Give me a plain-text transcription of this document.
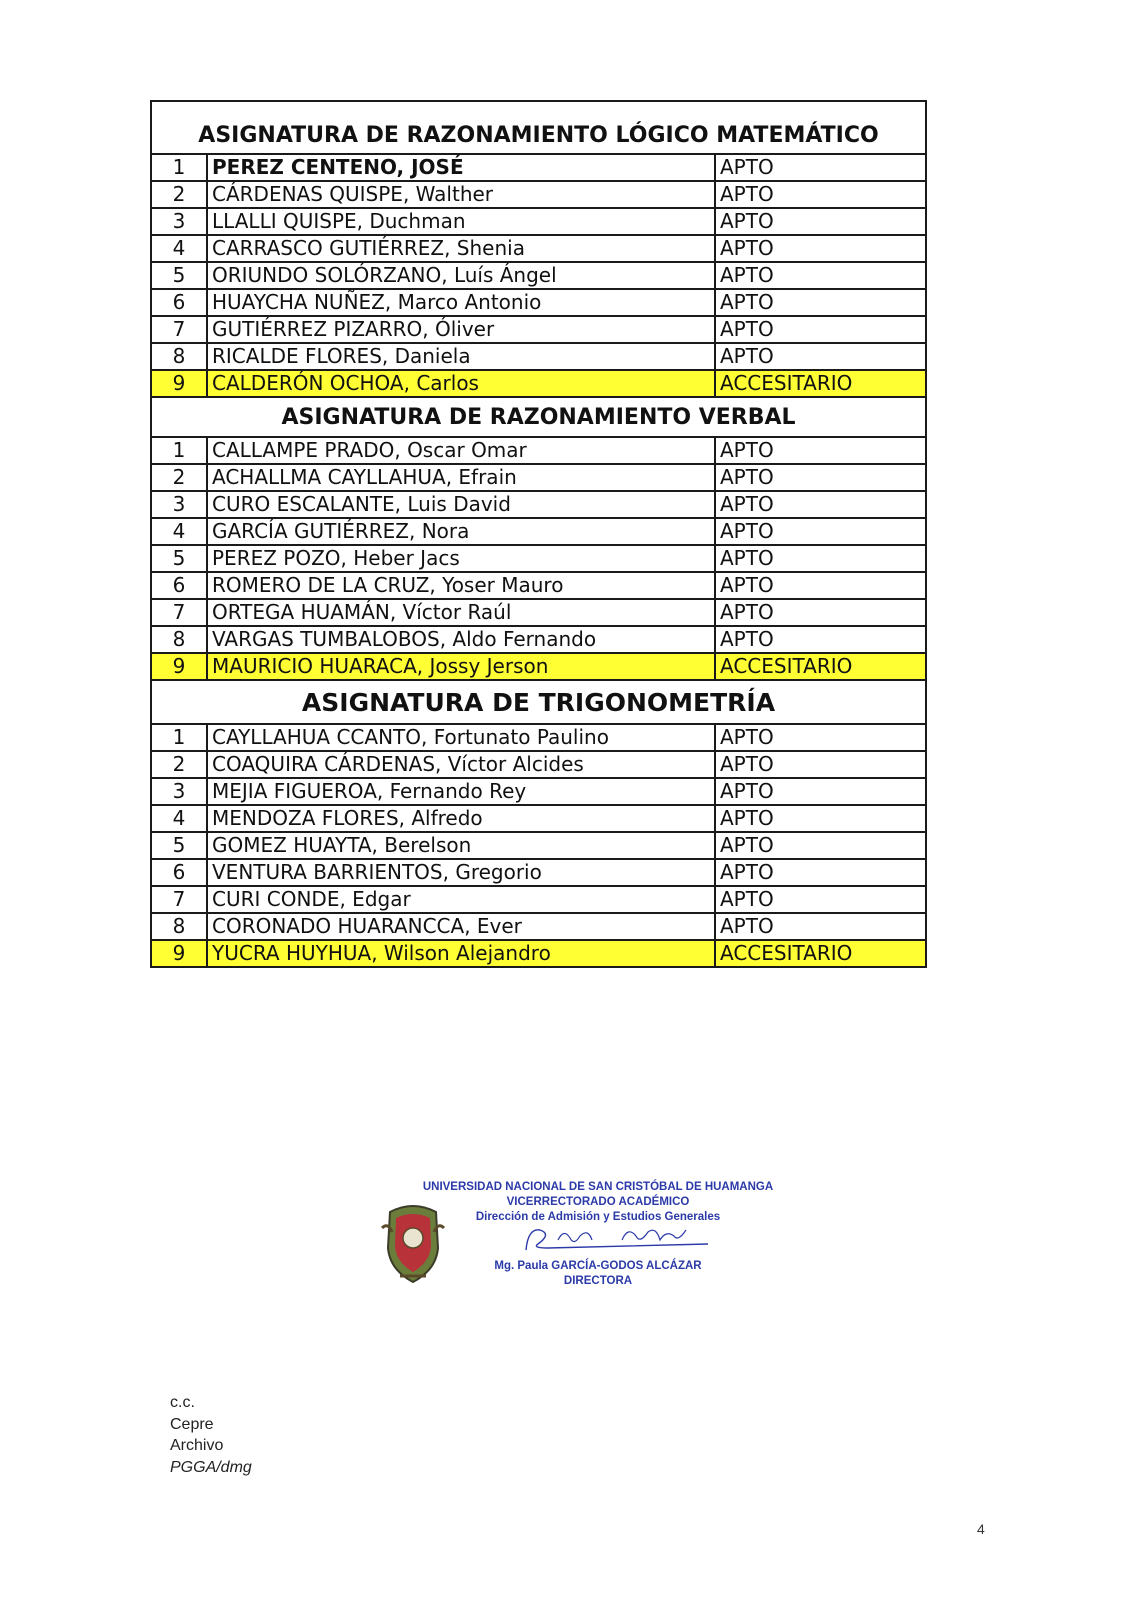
ASIGNATURA DE RAZONAMIENTO LÓGICO MATEMÁTICO		
1	PEREZ CENTENO, JOSÉ	APTO
2	CÁRDENAS QUISPE, Walther	APTO
3	LLALLI QUISPE, Duchman	APTO
4	CARRASCO GUTIÉRREZ, Shenia	APTO
5	ORIUNDO SOLÓRZANO, Luís Ángel	APTO
6	HUAYCHA NUÑEZ, Marco Antonio	APTO
7	GUTIÉRREZ PIZARRO, Óliver	APTO
8	RICALDE FLORES, Daniela	APTO
9	CALDERÓN OCHOA, Carlos	ACCESITARIO
ASIGNATURA DE RAZONAMIENTO VERBAL		
1	CALLAMPE PRADO, Oscar Omar	APTO
2	ACHALLMA CAYLLAHUA, Efrain	APTO
3	CURO ESCALANTE, Luis David	APTO
4	GARCÍA GUTIÉRREZ, Nora	APTO
5	PEREZ POZO, Heber Jacs	APTO
6	ROMERO DE LA CRUZ, Yoser Mauro	APTO
7	ORTEGA HUAMÁN, Víctor Raúl	APTO
8	VARGAS TUMBALOBOS, Aldo Fernando	APTO
9	MAURICIO HUARACA, Jossy Jerson	ACCESITARIO
ASIGNATURA DE TRIGONOMETRÍA		
1	CAYLLAHUA CCANTO, Fortunato Paulino	APTO
2	COAQUIRA CÁRDENAS, Víctor Alcides	APTO
3	MEJIA FIGUEROA, Fernando Rey	APTO
4	MENDOZA FLORES, Alfredo	APTO
5	GOMEZ HUAYTA, Berelson	APTO
6	VENTURA BARRIENTOS, Gregorio	APTO
7	CURI CONDE, Edgar	APTO
8	CORONADO HUARANCCA, Ever	APTO
9	YUCRA HUYHUA, Wilson Alejandro	ACCESITARIO
UNIVERSIDAD NACIONAL DE SAN CRISTÓBAL DE HUAMANGA
VICERRECTORADO ACADÉMICO
Dirección de Admisión y Estudios Generales
Mg. Paula GARCÍA-GODOS ALCÁZAR
DIRECTORA
c.c.
Cepre
Archivo
PGGA/dmg
4
